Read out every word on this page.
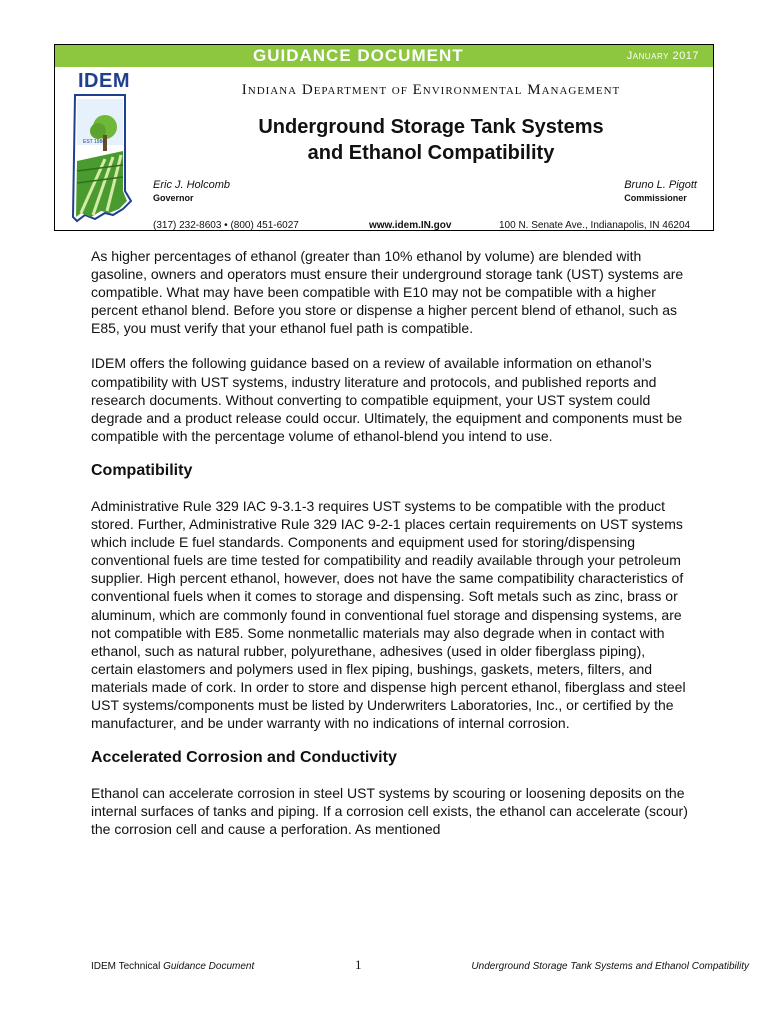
GUIDANCE DOCUMENT	January 2017
IDEM
EST 1986
Indiana Department of Environmental Management
Underground Storage Tank Systems
and Ethanol Compatibility
Eric J. Holcomb
Governor
Bruno L. Pigott
Commissioner
(317) 232-8603 • (800) 451-6027	www.idem.IN.gov	100 N. Senate Ave., Indianapolis, IN 46204

As higher percentages of ethanol (greater than 10% ethanol by volume) are blended with gasoline, owners and operators must ensure their underground storage tank (UST) systems are compatible. What may have been compatible with E10 may not be compatible with a higher percent ethanol blend. Before you store or dispense a higher percent blend of ethanol, such as E85, you must verify that your ethanol fuel path is compatible.

IDEM offers the following guidance based on a review of available information on ethanol’s compatibility with UST systems, industry literature and protocols, and published reports and research documents. Without converting to compatible equipment, your UST system could degrade and a product release could occur. Ultimately, the equipment and components must be compatible with the percentage volume of ethanol-blend you intend to use.

Compatibility

Administrative Rule 329 IAC 9-3.1-3 requires UST systems to be compatible with the product stored. Further, Administrative Rule 329 IAC 9-2-1 places certain requirements on UST systems which include E fuel standards. Components and equipment used for storing/dispensing conventional fuels are time tested for compatibility and readily available through your petroleum supplier. High percent ethanol, however, does not have the same compatibility characteristics of conventional fuels when it comes to storage and dispensing. Soft metals such as zinc, brass or aluminum, which are commonly found in conventional fuel storage and dispensing systems, are not compatible with E85. Some nonmetallic materials may also degrade when in contact with ethanol, such as natural rubber, polyurethane, adhesives (used in older fiberglass piping), certain elastomers and polymers used in flex piping, bushings, gaskets, meters, filters, and materials made of cork. In order to store and dispense high percent ethanol, fiberglass and steel UST systems/components must be listed by Underwriters Laboratories, Inc., or certified by the manufacturer, and be under warranty with no indications of internal corrosion.

Accelerated Corrosion and Conductivity

Ethanol can accelerate corrosion in steel UST systems by scouring or loosening deposits on the internal surfaces of tanks and piping. If a corrosion cell exists, the ethanol can accelerate (scour) the corrosion cell and cause a perforation. As mentioned

IDEM Technical Guidance Document	1	Underground Storage Tank Systems and Ethanol Compatibility
